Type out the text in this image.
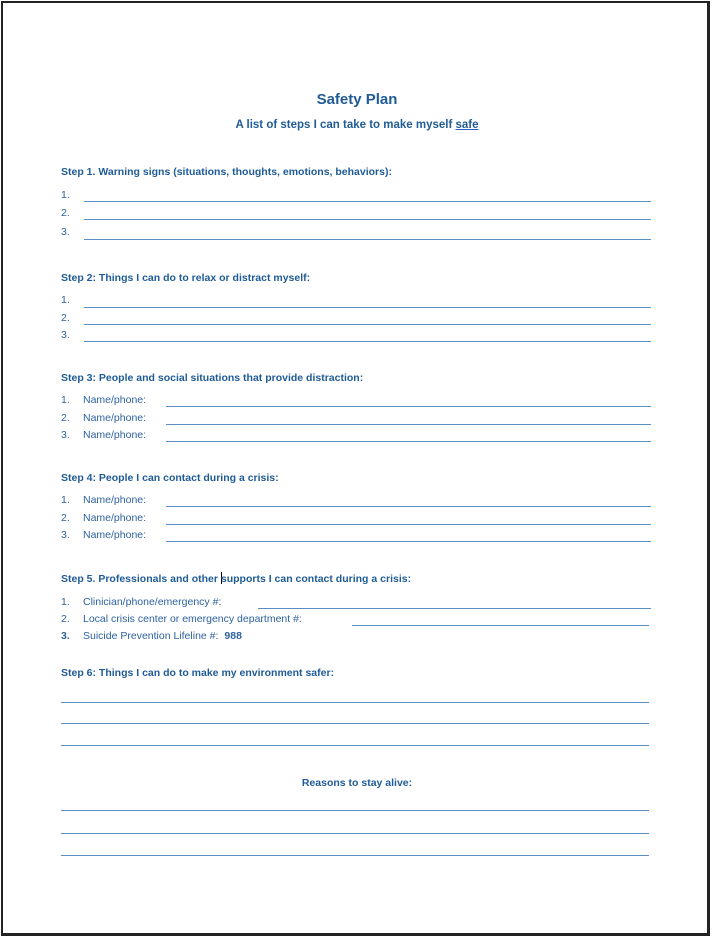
Safety Plan
A list of steps I can take to make myself safe
Step 1. Warning signs (situations, thoughts, emotions, behaviors):
1.
2.
3.
Step 2: Things I can do to relax or distract myself:
1.
2.
3.
Step 3: People and social situations that provide distraction:
1.	Name/phone:
2.	Name/phone:
3.	Name/phone:
Step 4: People I can contact during a crisis:
1.	Name/phone:
2.	Name/phone:
3.	Name/phone:
Step 5. Professionals and other supports I can contact during a crisis:
1.	Clinician/phone/emergency #:
2.	Local crisis center or emergency department #:
3.	Suicide Prevention Lifeline #: 988
Step 6: Things I can do to make my environment safer:
Reasons to stay alive:
